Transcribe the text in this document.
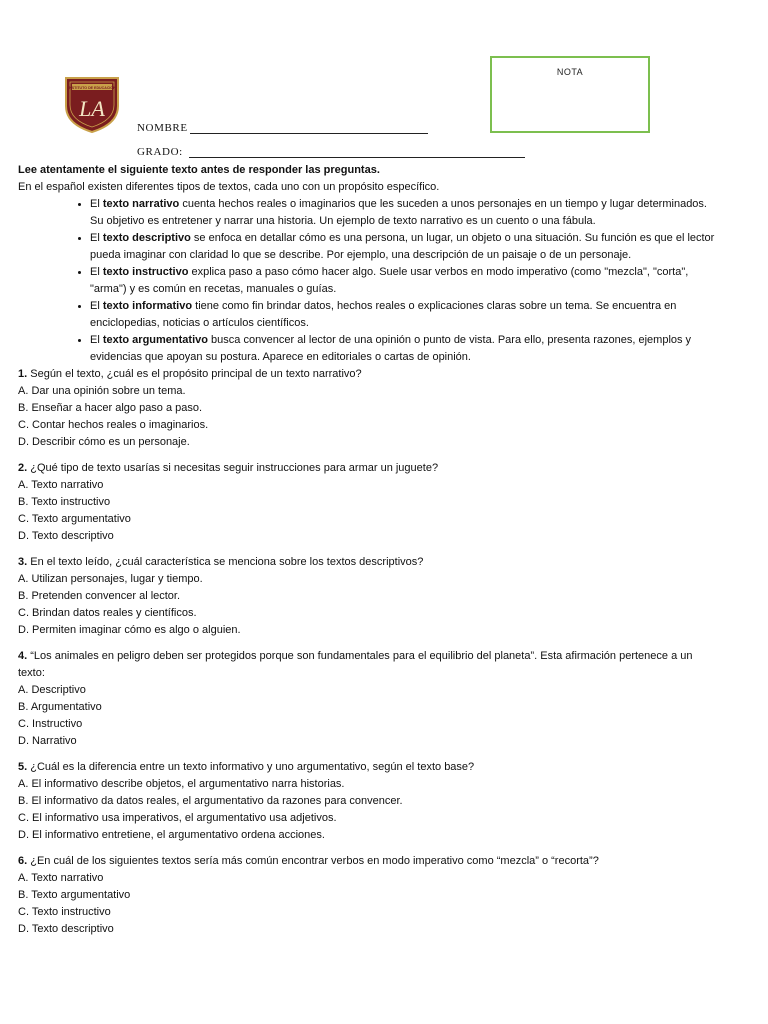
INSTITUTO DE EDUCACION
LA
NOTA
NOMBRE
GRADO:

Lee atentamente el siguiente texto antes de responder las preguntas.

En el español existen diferentes tipos de textos, cada uno con un propósito específico.

• El texto narrativo cuenta hechos reales o imaginarios que les suceden a unos personajes en un tiempo y lugar determinados. Su objetivo es entretener y narrar una historia. Un ejemplo de texto narrativo es un cuento o una fábula.
• El texto descriptivo se enfoca en detallar cómo es una persona, un lugar, un objeto o una situación. Su función es que el lector pueda imaginar con claridad lo que se describe. Por ejemplo, una descripción de un paisaje o de un personaje.
• El texto instructivo explica paso a paso cómo hacer algo. Suele usar verbos en modo imperativo (como "mezcla", "corta", "arma") y es común en recetas, manuales o guías.
• El texto informativo tiene como fin brindar datos, hechos reales o explicaciones claras sobre un tema. Se encuentra en enciclopedias, noticias o artículos científicos.
• El texto argumentativo busca convencer al lector de una opinión o punto de vista. Para ello, presenta razones, ejemplos y evidencias que apoyan su postura. Aparece en editoriales o cartas de opinión.

1. Según el texto, ¿cuál es el propósito principal de un texto narrativo?

A. Dar una opinión sobre un tema.

B. Enseñar a hacer algo paso a paso.

C. Contar hechos reales o imaginarios.

D. Describir cómo es un personaje.

2. ¿Qué tipo de texto usarías si necesitas seguir instrucciones para armar un juguete?

A. Texto narrativo

B. Texto instructivo

C. Texto argumentativo

D. Texto descriptivo

3. En el texto leído, ¿cuál característica se menciona sobre los textos descriptivos?

A. Utilizan personajes, lugar y tiempo.

B. Pretenden convencer al lector.

C. Brindan datos reales y científicos.

D. Permiten imaginar cómo es algo o alguien.

4. “Los animales en peligro deben ser protegidos porque son fundamentales para el equilibrio del planeta”. Esta afirmación pertenece a un texto:

A. Descriptivo

B. Argumentativo

C. Instructivo

D. Narrativo

5. ¿Cuál es la diferencia entre un texto informativo y uno argumentativo, según el texto base?

A. El informativo describe objetos, el argumentativo narra historias.

B. El informativo da datos reales, el argumentativo da razones para convencer.

C. El informativo usa imperativos, el argumentativo usa adjetivos.

D. El informativo entretiene, el argumentativo ordena acciones.

6. ¿En cuál de los siguientes textos sería más común encontrar verbos en modo imperativo como “mezcla” o “recorta”?

A. Texto narrativo

B. Texto argumentativo

C. Texto instructivo

D. Texto descriptivo
